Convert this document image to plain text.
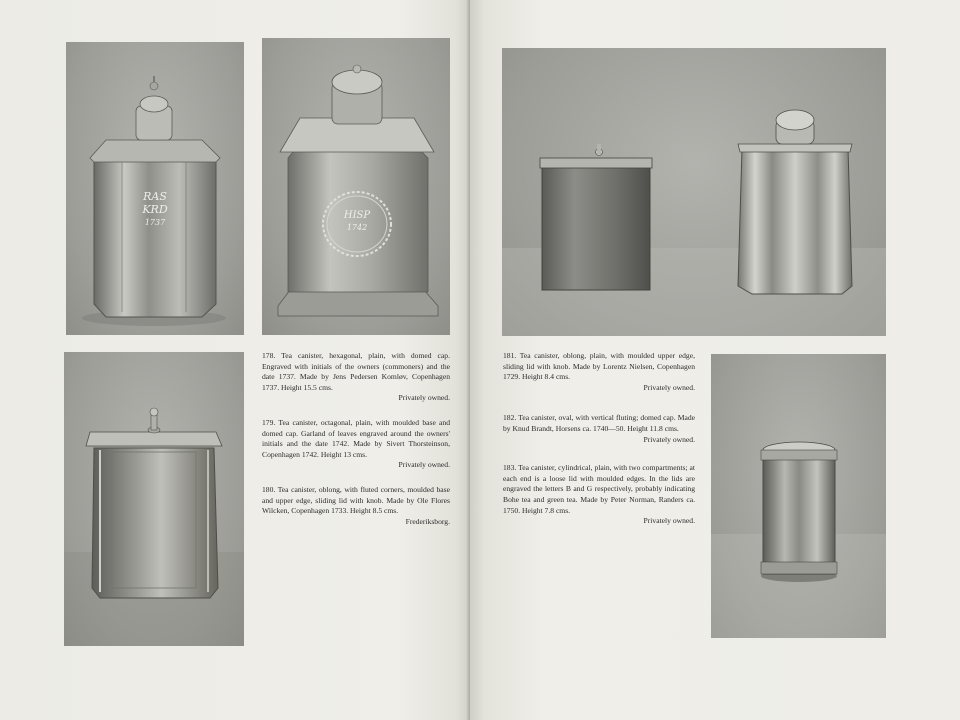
RAS
KRD
1737
HISP
1742
178. Tea canister, hexagonal, plain, with domed cap. Engraved with initials of the owners (commoners) and the date 1737. Made by Jens Pedersen Komløv, Copenhagen 1737. Height 15.5 cms.
Privately owned.
179. Tea canister, octagonal, plain, with moulded base and domed cap. Garland of leaves engraved around the owners' initials and the date 1742. Made by Sivert Thorsteinson, Copenhagen 1742. Height 13 cms.
Privately owned.
180. Tea canister, oblong, with fluted corners, moulded base and upper edge, sliding lid with knob. Made by Ole Flores Wilcken, Copenhagen 1733. Height 8.5 cms.
Frederiksborg.
181. Tea canister, oblong, plain, with moulded upper edge, sliding lid with knob. Made by Lorentz Nielsen, Copenhagen 1729. Height 8.4 cms.
Privately owned.
182. Tea canister, oval, with vertical fluting; domed cap. Made by Knud Brandt, Horsens ca. 1740—50. Height 11.8 cms.
Privately owned.
183. Tea canister, cylindrical, plain, with two compartments; at each end is a loose lid with moulded edges. In the lids are engraved the letters B and G respectively, probably indicating Bohe tea and green tea. Made by Peter Norman, Randers ca. 1750. Height 7.8 cms.
Privately owned.
